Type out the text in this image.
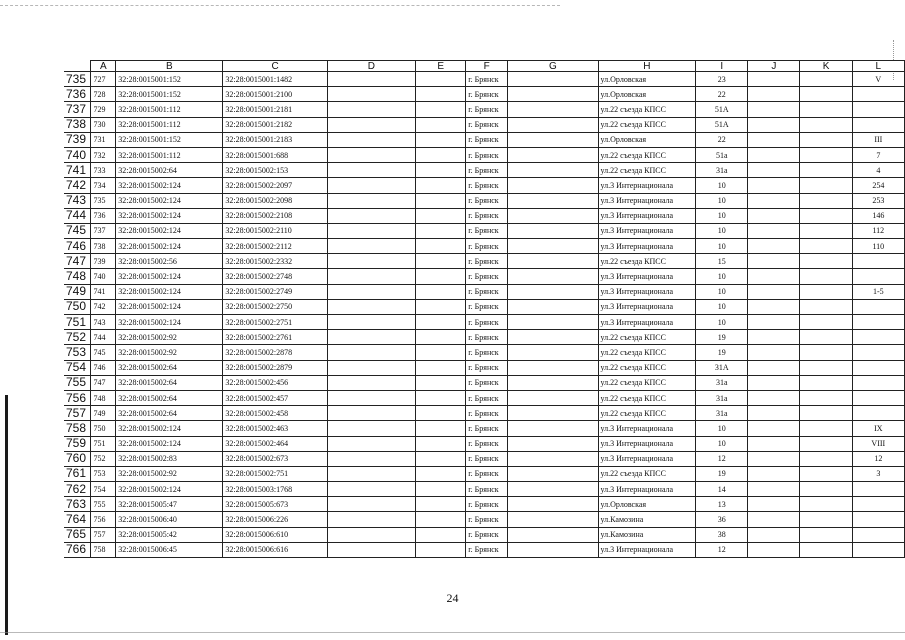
	A	B	C	D	E	F	G	H	I	J	K	L
735	727	32:28:0015001:152	32:28:0015001:1482			г. Брянск		ул.Орловская	23			V
736	728	32:28:0015001:152	32:28:0015001:2100			г. Брянск		ул.Орловская	22			
737	729	32:28:0015001:112	32:28:0015001:2181			г. Брянск		ул.22 съезда КПСС	51А			
738	730	32:28:0015001:112	32:28:0015001:2182			г. Брянск		ул.22 съезда КПСС	51А			
739	731	32:28:0015001:152	32:28:0015001:2183			г. Брянск		ул.Орловская	22			III
740	732	32:28:0015001:112	32:28:0015001:688			г. Брянск		ул.22 съезда КПСС	51а			7
741	733	32:28:0015002:64	32:28:0015002:153			г. Брянск		ул.22 съезда КПСС	31а			4
742	734	32:28:0015002:124	32:28:0015002:2097			г. Брянск		ул.3 Интернационала	10			254
743	735	32:28:0015002:124	32:28:0015002:2098			г. Брянск		ул.3 Интернационала	10			253
744	736	32:28:0015002:124	32:28:0015002:2108			г. Брянск		ул.3 Интернационала	10			146
745	737	32:28:0015002:124	32:28:0015002:2110			г. Брянск		ул.3 Интернационала	10			112
746	738	32:28:0015002:124	32:28:0015002:2112			г. Брянск		ул.3 Интернационала	10			110
747	739	32:28:0015002:56	32:28:0015002:2332			г. Брянск		ул.22 съезда КПСС	15			
748	740	32:28:0015002:124	32:28:0015002:2748			г. Брянск		ул.3 Интернационала	10			
749	741	32:28:0015002:124	32:28:0015002:2749			г. Брянск		ул.3 Интернационала	10			1-5
750	742	32:28:0015002:124	32:28:0015002:2750			г. Брянск		ул.3 Интернационала	10			
751	743	32:28:0015002:124	32:28:0015002:2751			г. Брянск		ул.3 Интернационала	10			
752	744	32:28:0015002:92	32:28:0015002:2761			г. Брянск		ул.22 съезда КПСС	19			
753	745	32:28:0015002:92	32:28:0015002:2878			г. Брянск		ул.22 съезда КПСС	19			
754	746	32:28:0015002:64	32:28:0015002:2879			г. Брянск		ул.22 съезда КПСС	31А			
755	747	32:28:0015002:64	32:28:0015002:456			г. Брянск		ул.22 съезда КПСС	31а			
756	748	32:28:0015002:64	32:28:0015002:457			г. Брянск		ул.22 съезда КПСС	31а			
757	749	32:28:0015002:64	32:28:0015002:458			г. Брянск		ул.22 съезда КПСС	31а			
758	750	32:28:0015002:124	32:28:0015002:463			г. Брянск		ул.3 Интернационала	10			IX
759	751	32:28:0015002:124	32:28:0015002:464			г. Брянск		ул.3 Интернационала	10			VIII
760	752	32:28:0015002:83	32:28:0015002:673			г. Брянск		ул.3 Интернационала	12			12
761	753	32:28:0015002:92	32:28:0015002:751			г. Брянск		ул.22 съезда КПСС	19			3
762	754	32:28:0015002:124	32:28:0015003:1768			г. Брянск		ул.3 Интернационала	14			
763	755	32:28:0015005:47	32:28:0015005:673			г. Брянск		ул.Орловская	13			
764	756	32:28:0015006:40	32:28:0015006:226			г. Брянск		ул.Камозина	36			
765	757	32:28:0015005:42	32:28:0015006:610			г. Брянск		ул.Камозина	38			
766	758	32:28:0015006:45	32:28:0015006:616			г. Брянск		ул.3 Интернационала	12			
24
